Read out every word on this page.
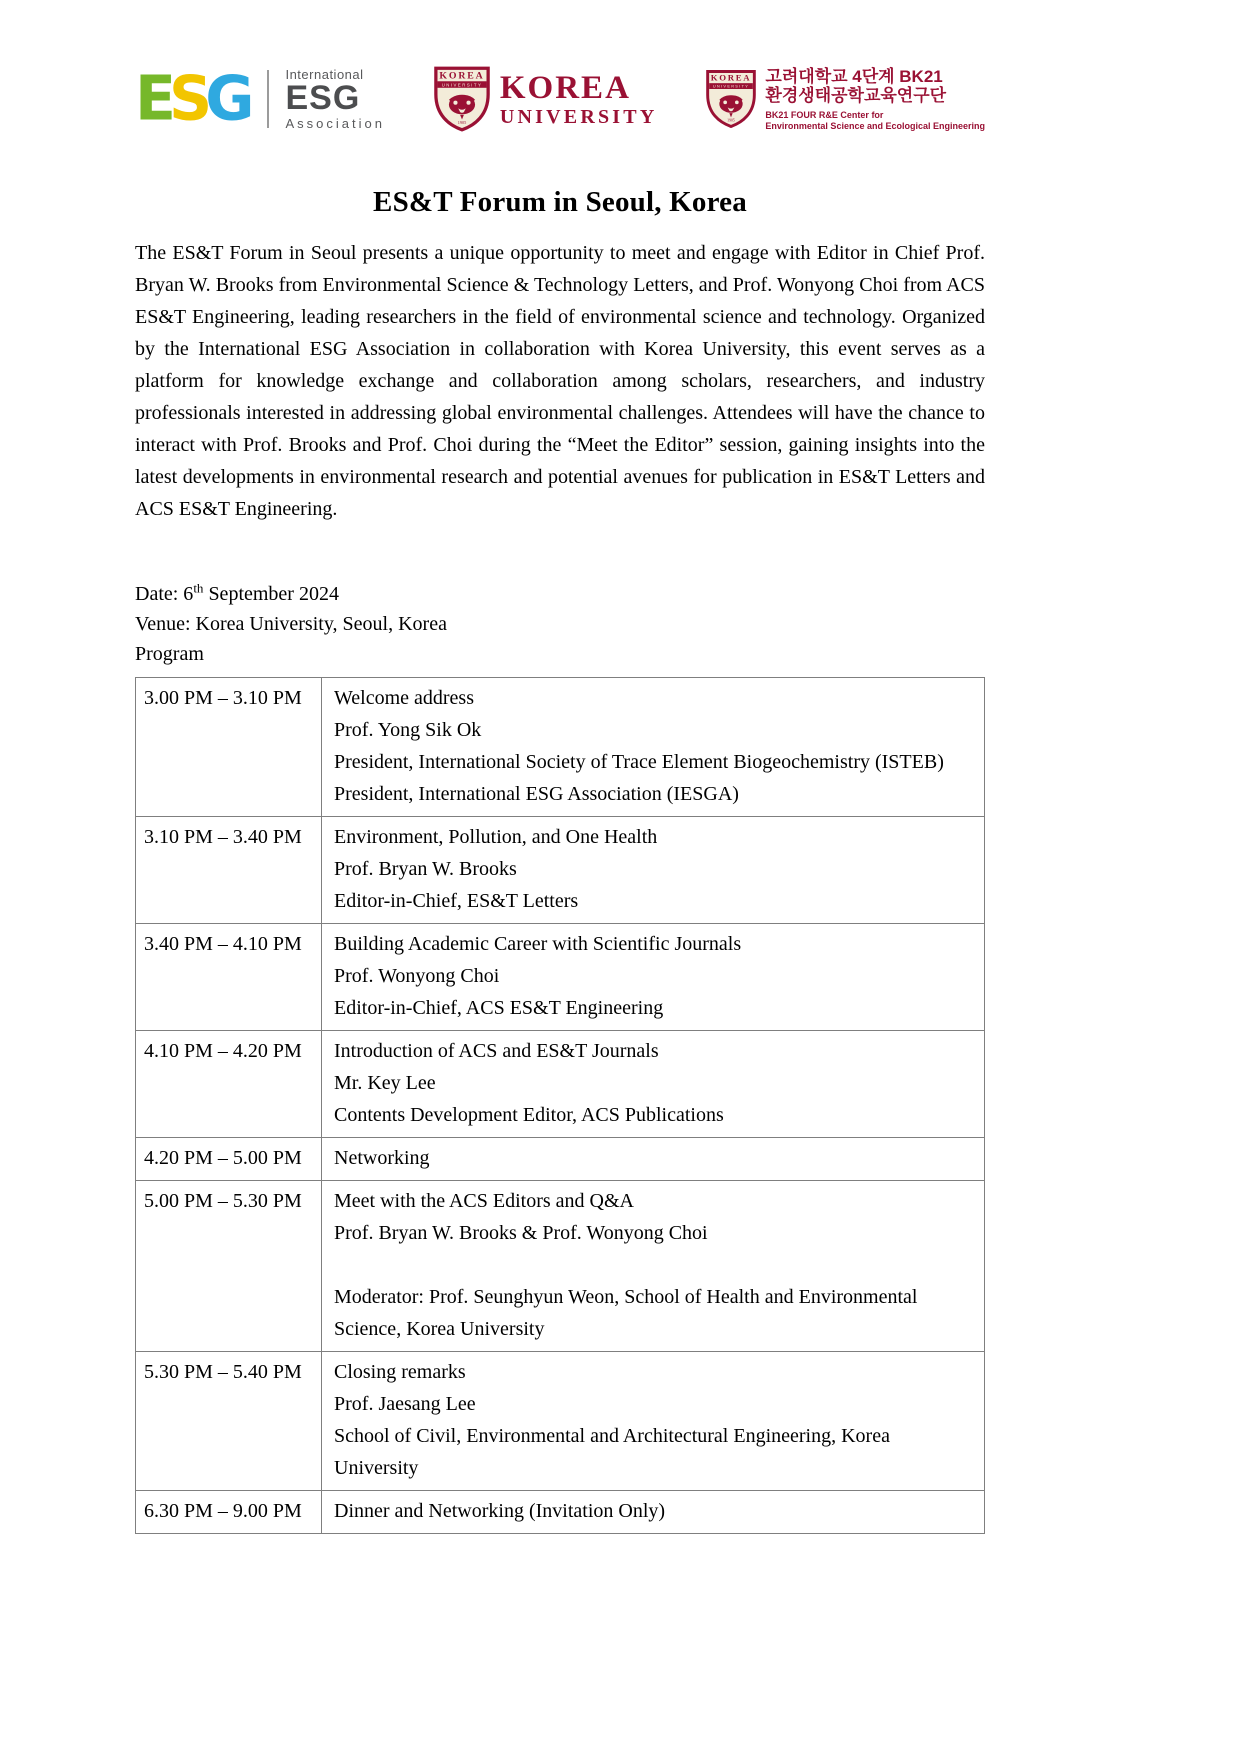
ESG	International
ESG
Association
KOREA
UNIVERSITY
1905
KOREA
UNIVERSITY
KOREA
UNIVERSITY
1905
고려대학교 4단계 BK21
환경생태공학교육연구단
BK21 FOUR R&E Center for
Environmental Science and Ecological Engineering
ES&T Forum in Seoul, Korea

The ES&T Forum in Seoul presents a unique opportunity to meet and engage with Editor in Chief Prof. Bryan W. Brooks from Environmental Science & Technology Letters, and Prof. Wonyong Choi from ACS ES&T Engineering, leading researchers in the field of environmental science and technology. Organized by the International ESG Association in collaboration with Korea University, this event serves as a platform for knowledge exchange and collaboration among scholars, researchers, and industry professionals interested in addressing global environmental challenges. Attendees will have the chance to interact with Prof. Brooks and Prof. Choi during the “Meet the Editor” session, gaining insights into the latest developments in environmental research and potential avenues for publication in ES&T Letters and ACS ES&T Engineering.

Date: 6th September 2024
Venue: Korea University, Seoul, Korea
Program
3.00 PM – 3.10 PM	Welcome address
Prof. Yong Sik Ok
President, International Society of Trace Element Biogeochemistry (ISTEB)
President, International ESG Association (IESGA)

3.10 PM – 3.40 PM	Environment, Pollution, and One Health
Prof. Bryan W. Brooks
Editor-in-Chief, ES&T Letters

3.40 PM – 4.10 PM	Building Academic Career with Scientific Journals
Prof. Wonyong Choi
Editor-in-Chief, ACS ES&T Engineering

4.10 PM – 4.20 PM	Introduction of ACS and ES&T Journals
Mr. Key Lee
Contents Development Editor, ACS Publications

4.20 PM – 5.00 PM	Networking

5.00 PM – 5.30 PM	Meet with the ACS Editors and Q&A
Prof. Bryan W. Brooks & Prof. Wonyong Choi

Moderator: Prof. Seunghyun Weon, School of Health and Environmental
Science, Korea University

5.30 PM – 5.40 PM	Closing remarks
Prof. Jaesang Lee
School of Civil, Environmental and Architectural Engineering, Korea
University

6.30 PM – 9.00 PM	Dinner and Networking (Invitation Only)
